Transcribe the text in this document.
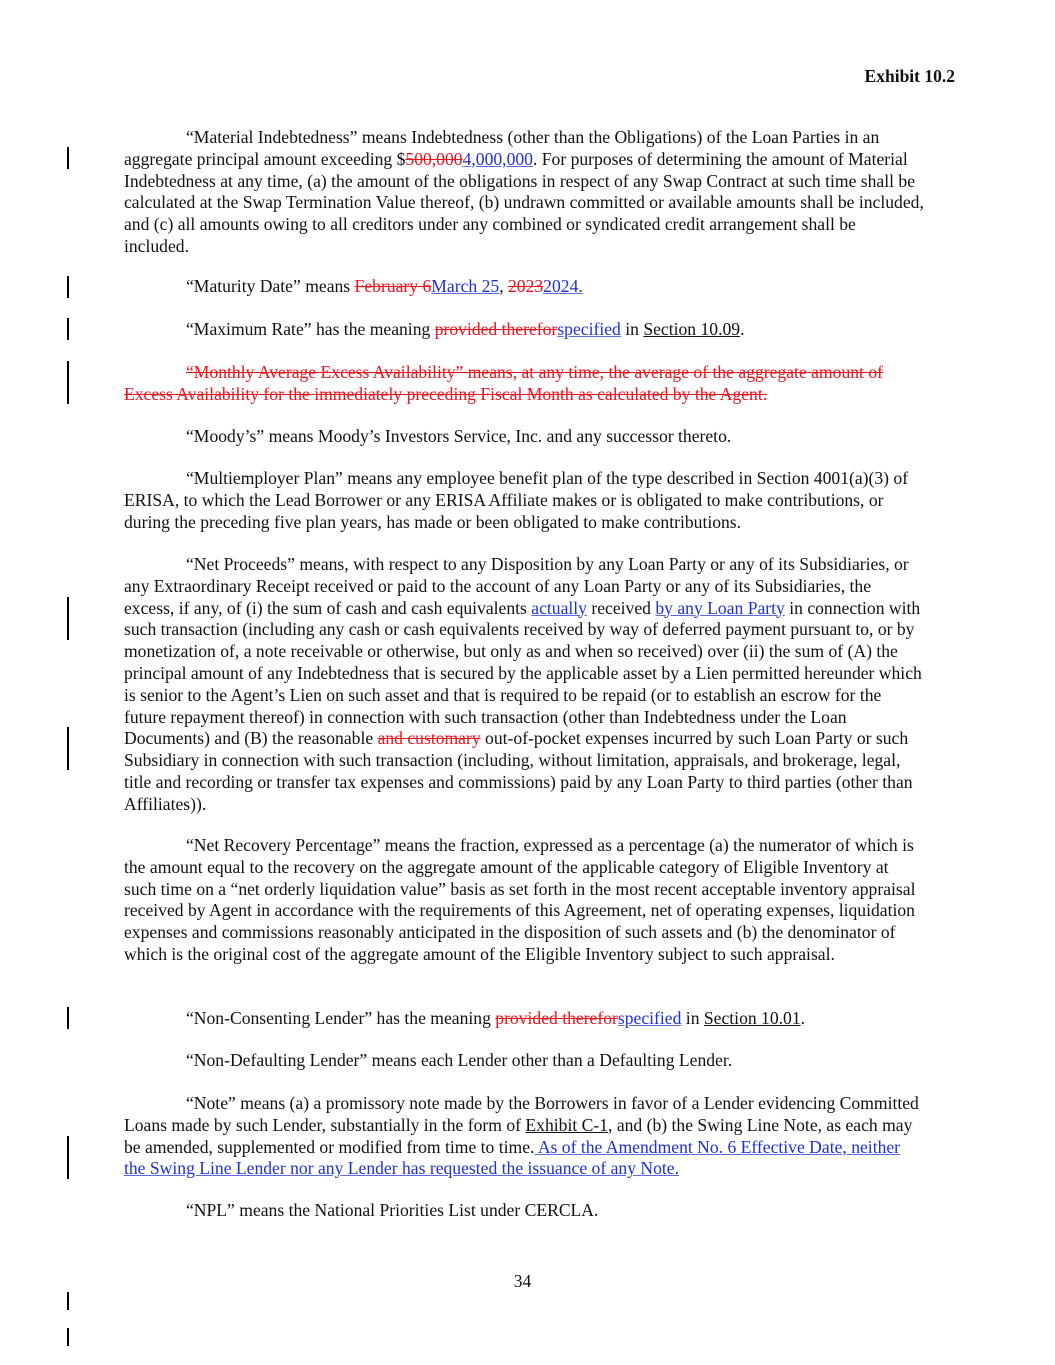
Exhibit 10.2
“Material Indebtedness” means Indebtedness (other than the Obligations) of the Loan Parties in an aggregate principal amount exceeding $500,0004,000,000. For purposes of determining the amount of Material Indebtedness at any time, (a) the amount of the obligations in respect of any Swap Contract at such time shall be calculated at the Swap Termination Value thereof, (b) undrawn committed or available amounts shall be included, and (c) all amounts owing to all creditors under any combined or syndicated credit arrangement shall be included.
“Maturity Date” means February 6March 25, 20232024.
“Maximum Rate” has the meaning provided thereforspecified in Section 10.09.
“Monthly Average Excess Availability” means, at any time, the average of the aggregate amount of Excess Availability for the immediately preceding Fiscal Month as calculated by the Agent.
“Moody’s” means Moody’s Investors Service, Inc. and any successor thereto.
“Multiemployer Plan” means any employee benefit plan of the type described in Section 4001(a)(3) of ERISA, to which the Lead Borrower or any ERISA Affiliate makes or is obligated to make contributions, or during the preceding five plan years, has made or been obligated to make contributions.
“Net Proceeds” means, with respect to any Disposition by any Loan Party or any of its Subsidiaries, or any Extraordinary Receipt received or paid to the account of any Loan Party or any of its Subsidiaries, the excess, if any, of (i) the sum of cash and cash equivalents actually received by any Loan Party in connection with such transaction (including any cash or cash equivalents received by way of deferred payment pursuant to, or by monetization of, a note receivable or otherwise, but only as and when so received) over (ii) the sum of (A) the principal amount of any Indebtedness that is secured by the applicable asset by a Lien permitted hereunder which is senior to the Agent’s Lien on such asset and that is required to be repaid (or to establish an escrow for the future repayment thereof) in connection with such transaction (other than Indebtedness under the Loan Documents) and (B) the reasonable and customary out-of-pocket expenses incurred by such Loan Party or such Subsidiary in connection with such transaction (including, without limitation, appraisals, and brokerage, legal, title and recording or transfer tax expenses and commissions) paid by any Loan Party to third parties (other than Affiliates)).
“Net Recovery Percentage” means the fraction, expressed as a percentage (a) the numerator of which is the amount equal to the recovery on the aggregate amount of the applicable category of Eligible Inventory at such time on a “net orderly liquidation value” basis as set forth in the most recent acceptable inventory appraisal received by Agent in accordance with the requirements of this Agreement, net of operating expenses, liquidation expenses and commissions reasonably anticipated in the disposition of such assets and (b) the denominator of which is the original cost of the aggregate amount of the Eligible Inventory subject to such appraisal.
“Non-Consenting Lender” has the meaning provided thereforspecified in Section 10.01.
“Non-Defaulting Lender” means each Lender other than a Defaulting Lender.
“Note” means (a) a promissory note made by the Borrowers in favor of a Lender evidencing Committed Loans made by such Lender, substantially in the form of Exhibit C-1, and (b) the Swing Line Note, as each may be amended, supplemented or modified from time to time. As of the Amendment No. 6 Effective Date, neither the Swing Line Lender nor any Lender has requested the issuance of any Note.
“NPL” means the National Priorities List under CERCLA.
34
